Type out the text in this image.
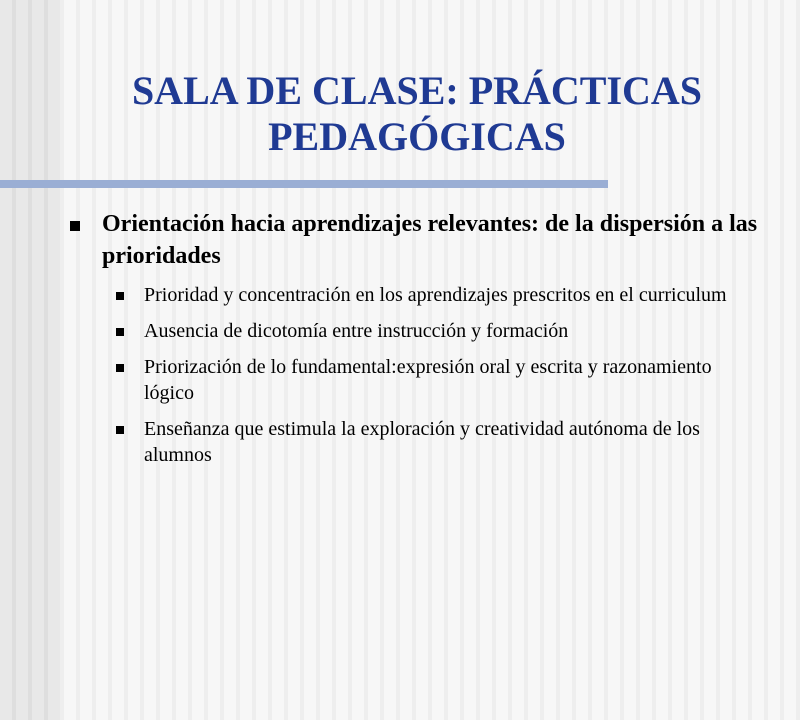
SALA DE CLASE: PRÁCTICAS PEDAGÓGICAS
Orientación hacia aprendizajes relevantes: de la dispersión a las prioridades
Prioridad y concentración en los aprendizajes prescritos en el curriculum
Ausencia de dicotomía entre instrucción y formación
Priorización de lo fundamental:expresión oral y escrita y razonamiento lógico
Enseñanza que estimula la exploración y creatividad autónoma de los alumnos
